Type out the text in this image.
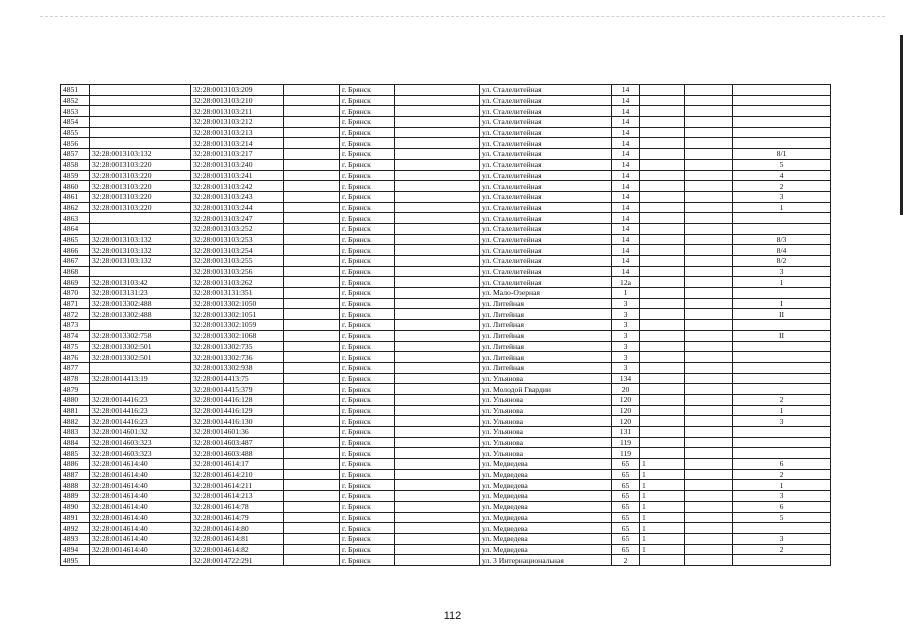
4851		32:28:0013103:209		г. Брянск		ул. Сталелитейная	14			
4852		32:28:0013103:210		г. Брянск		ул. Сталелитейная	14			
4853		32:28:0013103:211		г. Брянск		ул. Сталелитейная	14			
4854		32:28:0013103:212		г. Брянск		ул. Сталелитейная	14			
4855		32:28:0013103:213		г. Брянск		ул. Сталелитейная	14			
4856		32:28:0013103:214		г. Брянск		ул. Сталелитейная	14			
4857	32:28:0013103:132	32:28:0013103:217		г. Брянск		ул. Сталелитейная	14			8/1
4858	32:28:0013103:220	32:28:0013103:240		г. Брянск		ул. Сталелитейная	14			5
4859	32:28:0013103:220	32:28:0013103:241		г. Брянск		ул. Сталелитейная	14			4
4860	32:28:0013103:220	32:28:0013103:242		г. Брянск		ул. Сталелитейная	14			2
4861	32:28:0013103:220	32:28:0013103:243		г. Брянск		ул. Сталелитейная	14			3
4862	32:28:0013103:220	32:28:0013103:244		г. Брянск		ул. Сталелитейная	14			1
4863		32:28:0013103:247		г. Брянск		ул. Сталелитейная	14			
4864		32:28:0013103:252		г. Брянск		ул. Сталелитейная	14			
4865	32:28:0013103:132	32:28:0013103:253		г. Брянск		ул. Сталелитейная	14			8/3
4866	32:28:0013103:132	32:28:0013103:254		г. Брянск		ул. Сталелитейная	14			8/4
4867	32:28:0013103:132	32:28:0013103:255		г. Брянск		ул. Сталелитейная	14			8/2
4868		32:28:0013103:256		г. Брянск		ул. Сталелитейная	14			3
4869	32:28:0013103:42	32:28:0013103:262		г. Брянск		ул. Сталелитейная	12а			1
4870	32:28:0013131:23	32:28:0013131:351		г. Брянск		ул. Мало-Озерная	1			
4871	32:28:0013302:488	32:28:0013302:1050		г. Брянск		ул. Литейная	3			I
4872	32:28:0013302:488	32:28:0013302:1051		г. Брянск		ул. Литейная	3			II
4873		32:28:0013302:1059		г. Брянск		ул. Литейная	3			
4874	32:28:0013302:758	32:28:0013302:1068		г. Брянск		ул. Литейная	3			II
4875	32:28:0013302:501	32:28:0013302:735		г. Брянск		ул. Литейная	3			
4876	32:28:0013302:501	32:28:0013302:736		г. Брянск		ул. Литейная	3			
4877		32:28:0013302:938		г. Брянск		ул. Литейная	3			
4878	32:28:0014413:19	32:28:0014413:75		г. Брянск		ул. Ульянова	134			
4879		32:28:0014415:379		г. Брянск		ул. Молодой Гвардии	20			
4880	32:28:0014416:23	32:28:0014416:128		г. Брянск		ул. Ульянова	120			2
4881	32:28:0014416:23	32:28:0014416:129		г. Брянск		ул. Ульянова	120			1
4882	32:28:0014416:23	32:28:0014416:130		г. Брянск		ул. Ульянова	120			3
4883	32:28:0014601:32	32:28:0014601:36		г. Брянск		ул. Ульянова	131			
4884	32:28:0014603:323	32:28:0014603:487		г. Брянск		ул. Ульянова	119			
4885	32:28:0014603:323	32:28:0014603:488		г. Брянск		ул. Ульянова	119			
4886	32:28:0014614:40	32:28:0014614:17		г. Брянск		ул. Медведева	65	1		6
4887	32:28:0014614:40	32:28:0014614:210		г. Брянск		ул. Медведева	65	1		2
4888	32:28:0014614:40	32:28:0014614:211		г. Брянск		ул. Медведева	65	1		1
4889	32:28:0014614:40	32:28:0014614:213		г. Брянск		ул. Медведева	65	1		3
4890	32:28:0014614:40	32:28:0014614:78		г. Брянск		ул. Медведева	65	1		6
4891	32:28:0014614:40	32:28:0014614:79		г. Брянск		ул. Медведева	65	1		5
4892	32:28:0014614:40	32:28:0014614:80		г. Брянск		ул. Медведева	65	1		
4893	32:28:0014614:40	32:28:0014614:81		г. Брянск		ул. Медведева	65	1		3
4894	32:28:0014614:40	32:28:0014614:82		г. Брянск		ул. Медведева	65	1		2
4895		32:28:0014722:291		г. Брянск		ул. 3 Интернациональная	2			
112
